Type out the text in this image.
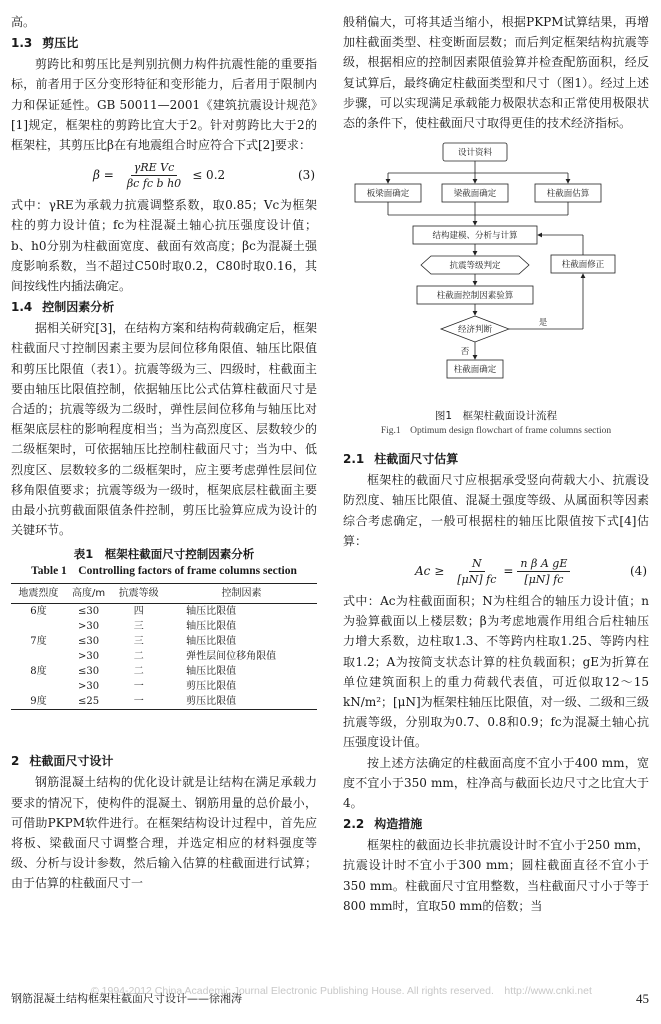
高。

1.3 剪压比

剪跨比和剪压比是判别抗侧力构件抗震性能的重要指标，前者用于区分变形特征和变形能力，后者用于限制内力和保证延性。GB 50011—2001《建筑抗震设计规范》[1]规定，框架柱的剪跨比宜大于2。针对剪跨比大于2的框架柱，其剪压比β在有地震组合时应符合下式[2]要求：

$\beta = \frac{\text{γRE Vc}}{\text{βc fc b h0}} \le 0.2$	(3)

式中：γRE为承载力抗震调整系数，取0.85；Vc为框架柱的剪力设计值；fc为柱混凝土轴心抗压强度设计值；b、h0分别为柱截面宽度、截面有效高度；βc为混凝土强度影响系数，当不超过C50时取0.2，C80时取0.16，其间按线性内插法确定。

1.4 控制因素分析

据相关研究[3]，在结构方案和结构荷载确定后，框架柱截面尺寸控制因素主要为层间位移角限值、轴压比限值和剪压比限值（表1）。抗震等级为三、四级时，柱截面主要由轴压比限值控制，依据轴压比公式估算柱截面尺寸是合适的；抗震等级为二级时，弹性层间位移角与轴压比对框架底层柱的影响程度相当；当为高烈度区、层数较少的二级框架时，可依据轴压比控制柱截面尺寸；当为中、低烈度区、层数较多的二级框架时，应主要考虑弹性层间位移角限值要求；抗震等级为一级时，框架底层柱截面主要由最小抗剪截面限值条件控制，剪压比验算应成为设计的关键环节。

表1　框架柱截面尺寸控制因素分析
Table 1　Controlling factors of frame columns section
地震烈度	高度/m	抗震等级	控制因素
6度	≤30	四	轴压比限值
	>30	三	轴压比限值
7度	≤30	三	轴压比限值
	>30	二	弹性层间位移角限值
8度	≤30	二	轴压比限值
	>30	一	剪压比限值
9度	≤25	一	剪压比限值
2 柱截面尺寸设计

钢筋混凝土结构的优化设计就是让结构在满足承载力要求的情况下，使构件的混凝土、钢筋用量的总价最小，可借助PKPM软件进行。在框架结构设计过程中，首先应将板、梁截面尺寸调整合理，并选定相应的材料强度等级、分析与设计参数，然后输入估算的柱截面进行试算；由于估算的柱截面尺寸一

般稍偏大，可将其适当缩小，根据PKPM试算结果，再增加柱截面类型、柱变断面层数；而后判定框架结构抗震等级，根据相应的控制因素限值验算并检查配筋面积，经反复试算后，最终确定柱截面类型和尺寸（图1）。经过上述步骤，可以实现满足承载能力极限状态和正常使用极限状态的条件下，使柱截面尺寸取得更佳的技术经济指标。

设计资料
板梁面确定	梁截面确定	柱截面估算
结构建模、分析与计算
抗震等级判定
柱截面控制因素验算
经济判断
是
柱截面修正
否
柱截面确定
图1　框架柱截面设计流程
Fig.1　Optimum design flowchart of frame columns section
2.1 柱截面尺寸估算

框架柱的截面尺寸应根据承受竖向荷载大小、抗震设防烈度、轴压比限值、混凝土强度等级、从属面积等因素综合考虑确定，一般可根据柱的轴压比限值按下式[4]估算：

$Ac \ge \frac{N}{[\mu N] fc} = \frac{\text{n β A gE}}{[\mu N] fc}$	(4)

式中：Ac为柱截面面积；N为柱组合的轴压力设计值；n为验算截面以上楼层数；β为考虑地震作用组合后柱轴压力增大系数，边柱取1.3、不等跨内柱取1.25、等跨内柱取1.2；A为按简支状态计算的柱负载面积；gE为折算在单位建筑面积上的重力荷载代表值，可近似取12～15 kN/m²；[μN]为框架柱轴压比限值，对一级、二级和三级抗震等级，分别取为0.7、0.8和0.9；fc为混凝土轴心抗压强度设计值。

按上述方法确定的柱截面高度不宜小于400 mm，宽度不宜小于350 mm，柱净高与截面长边尺寸之比宜大于4。

2.2 构造措施

框架柱的截面边长非抗震设计时不宜小于250 mm，抗震设计时不宜小于300 mm；圆柱截面直径不宜小于350 mm。柱截面尺寸宜用整数，当柱截面尺寸小于等于800 mm时，宜取50 mm的倍数；当

© 1994-2012 China Academic Journal Electronic Publishing House. All rights reserved.　http://www.cnki.net
钢筋混凝土结构框架柱截面尺寸设计——徐湘涛	45
